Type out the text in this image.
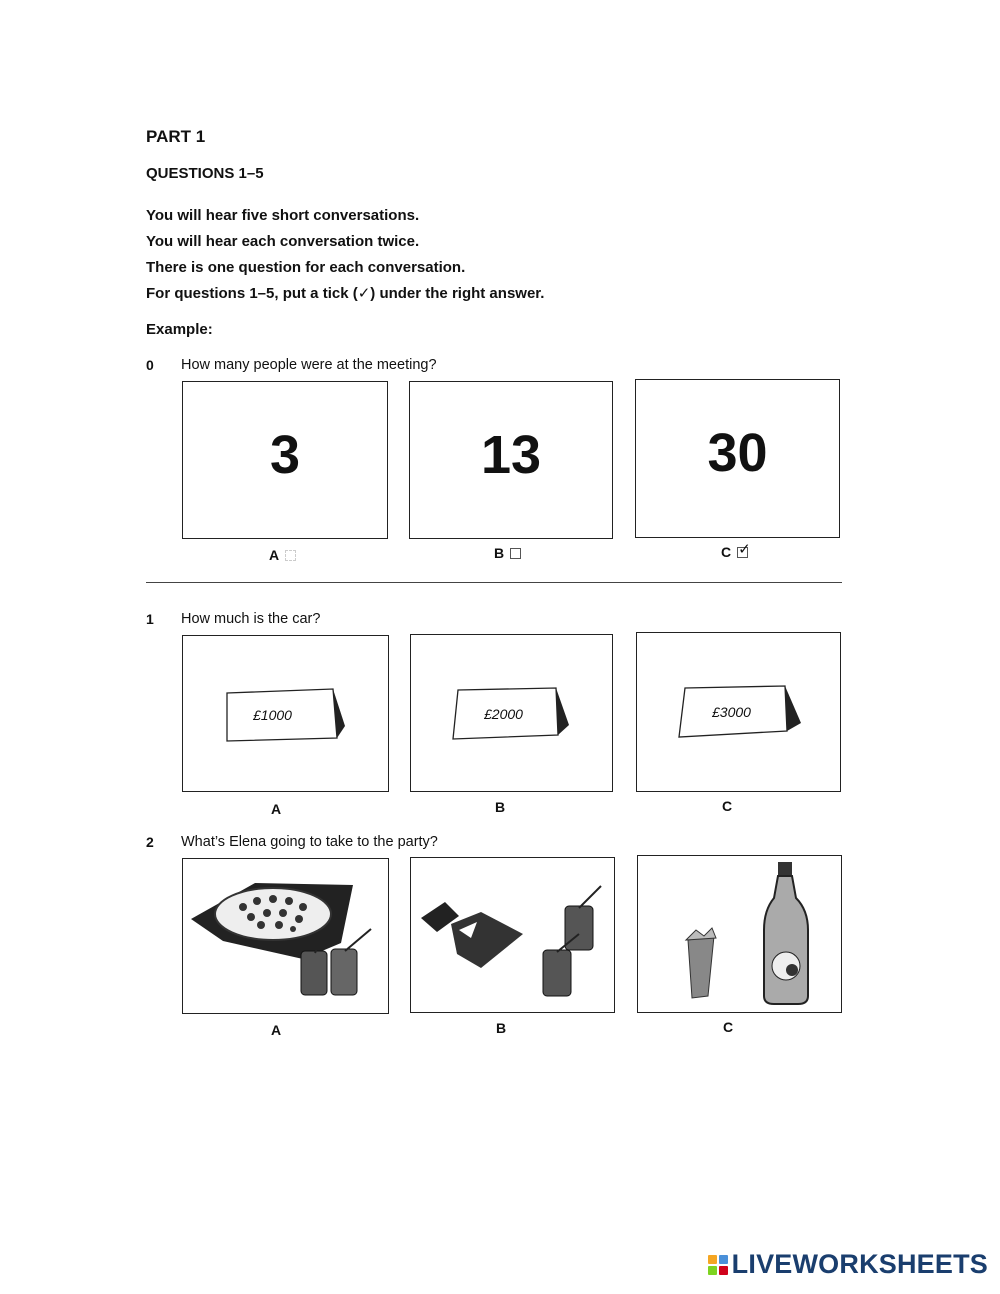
PART 1
QUESTIONS 1–5
You will hear five short conversations.
You will hear each conversation twice.
There is one question for each conversation.
For questions 1–5, put a tick (✓) under the right answer.
Example:
0 How many people were at the meeting?
3	13	30
A	B	C ✓
1 How much is the car?
£1000	£2000	£3000
A	B	C
2 What’s Elena going to take to the party?
A	B	C
LIVEWORKSHEETS
